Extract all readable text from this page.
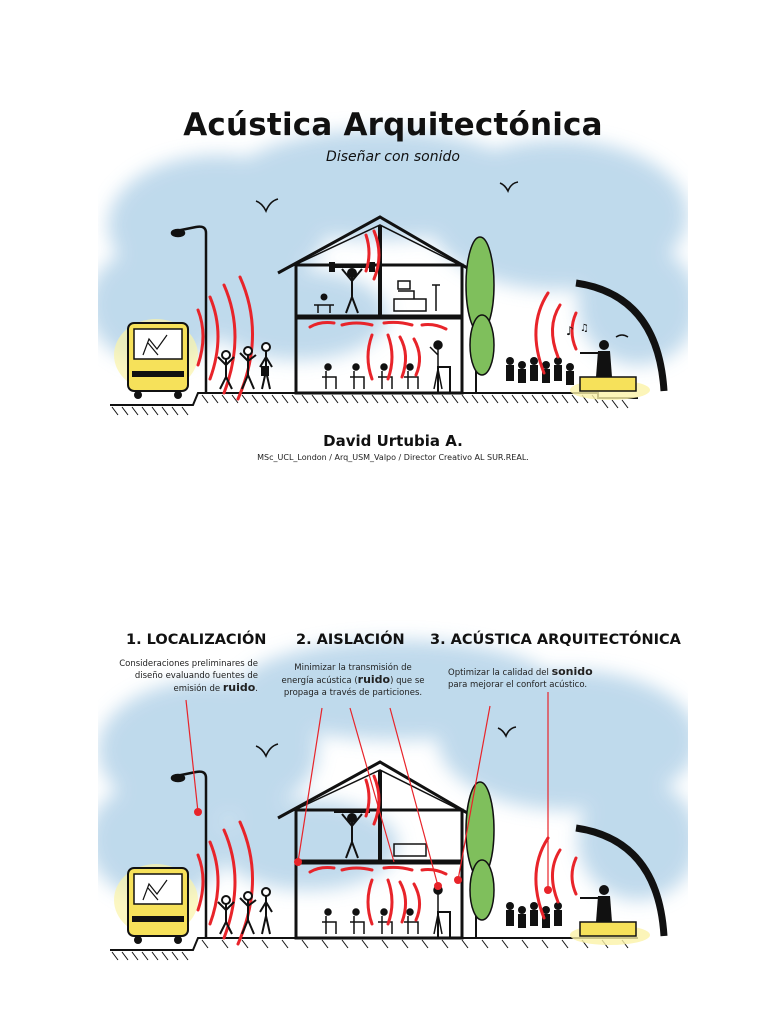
♪ ♫
Acústica Arquitectónica
Diseñar con sonido
David Urtubia A.
MSc_UCL_London / Arq_USM_Valpo / Director Creativo AL SUR.REAL.
1. LOCALIZACIÓN
Consideraciones preliminares de diseño evaluando fuentes de emisión de ruido.
2. AISLACIÓN
Minimizar la transmisión de energía acústica (ruido) que se propaga a través de particiones.
3. ACÚSTICA ARQUITECTÓNICA
Optimizar la calidad del sonido para mejorar el confort acústico.
